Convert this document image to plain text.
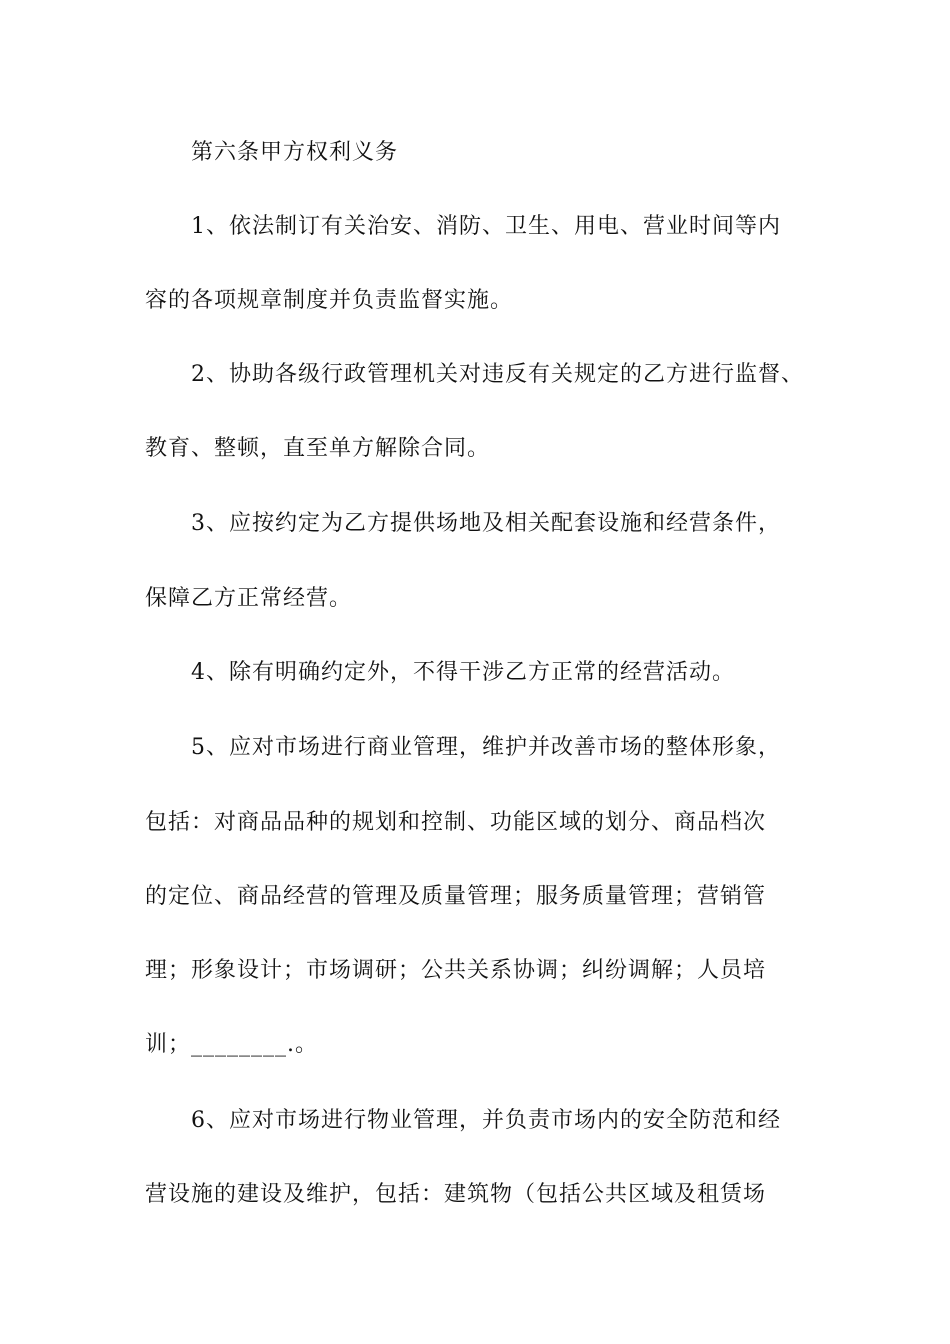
第六条甲方权利义务
1、依法制订有关治安、消防、卫生、用电、营业时间等内
容的各项规章制度并负责监督实施。
2、协助各级行政管理机关对违反有关规定的乙方进行监督、
教育、整顿，直至单方解除合同。
3、应按约定为乙方提供场地及相关配套设施和经营条件，
保障乙方正常经营。
4、除有明确约定外，不得干涉乙方正常的经营活动。
5、应对市场进行商业管理，维护并改善市场的整体形象，
包括：对商品品种的规划和控制、功能区域的划分、商品档次
的定位、商品经营的管理及质量管理；服务质量管理；营销管
理；形象设计；市场调研；公共关系协调；纠纷调解；人员培
训；________.。
6、应对市场进行物业管理，并负责市场内的安全防范和经
营设施的建设及维护，包括：建筑物（包括公共区域及租赁场
